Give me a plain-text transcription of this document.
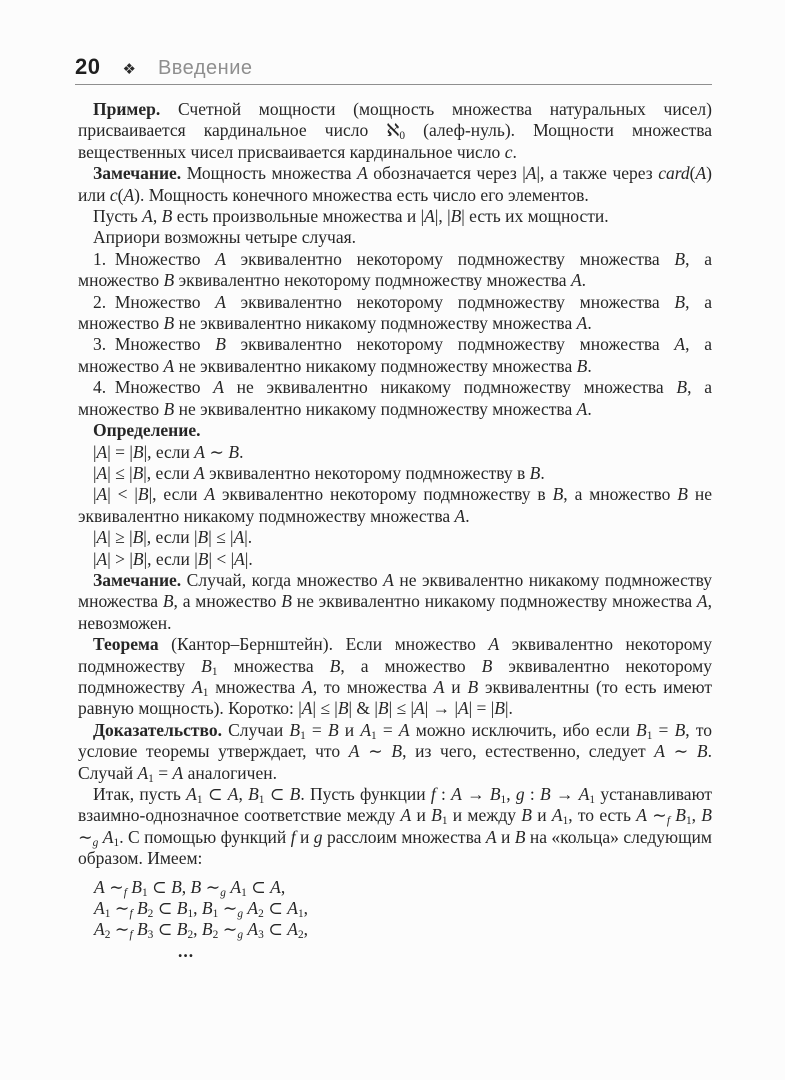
20 ❖ Введение

Пример. Счетной мощности (мощность множества натуральных чисел) присваивается кардинальное число ℵ0 (алеф-нуль). Мощности множества вещественных чисел присваивается кардинальное число c.

Замечание. Мощность множества A обозначается через |A|, а также через card(A) или c(A). Мощность конечного множества есть число его элементов.

Пусть A, B есть произвольные множества и |A|, |B| есть их мощности.

Априори возможны четыре случая.

1. Множество A эквивалентно некоторому подмножеству множества B, а множество B эквивалентно некоторому подмножеству множества A.

2. Множество A эквивалентно некоторому подмножеству множества B, а множество B не эквивалентно никакому подмножеству множества A.

3. Множество B эквивалентно некоторому подмножеству множества A, а множество A не эквивалентно никакому подмножеству множества B.

4. Множество A не эквивалентно никакому подмножеству множества B, а множество B не эквивалентно никакому подмножеству множества A.

Определение.

|A| = |B|, если A ∼ B.

|A| ≤ |B|, если A эквивалентно некоторому подмножеству в B.

|A| < |B|, если A эквивалентно некоторому подмножеству в B, а множество B не эквивалентно никакому подмножеству множества A.

|A| ≥ |B|, если |B| ≤ |A|.

|A| > |B|, если |B| < |A|.

Замечание. Случай, когда множество A не эквивалентно никакому подмножеству множества B, а множество B не эквивалентно никакому подмножеству множества A, невозможен.

Теорема (Кантор–Бернштейн). Если множество A эквивалентно некоторому подмножеству B1 множества B, а множество B эквивалентно некоторому подмножеству A1 множества A, то множества A и B эквивалентны (то есть имеют равную мощность). Коротко: |A| ≤ |B| & |B| ≤ |A| → |A| = |B|.

Доказательство. Случаи B1 = B и A1 = A можно исключить, ибо если B1 = B, то условие теоремы утверждает, что A ∼ B, из чего, естественно, следует A ∼ B. Случай A1 = A аналогичен.

Итак, пусть A1 ⊂ A, B1 ⊂ B. Пусть функции f : A → B1, g : B → A1 устанавливают взаимно-однозначное соответствие между A и B1 и между B и A1, то есть A ∼f B1, B ∼g A1. С помощью функций f и g расслоим множества A и B на «кольца» следующим образом. Имеем:

A ∼f B1 ⊂ B, B ∼g A1 ⊂ A,

A1 ∼f B2 ⊂ B1, B1 ∼g A2 ⊂ A1,

A2 ∼f B3 ⊂ B2, B2 ∼g A3 ⊂ A2,

...
